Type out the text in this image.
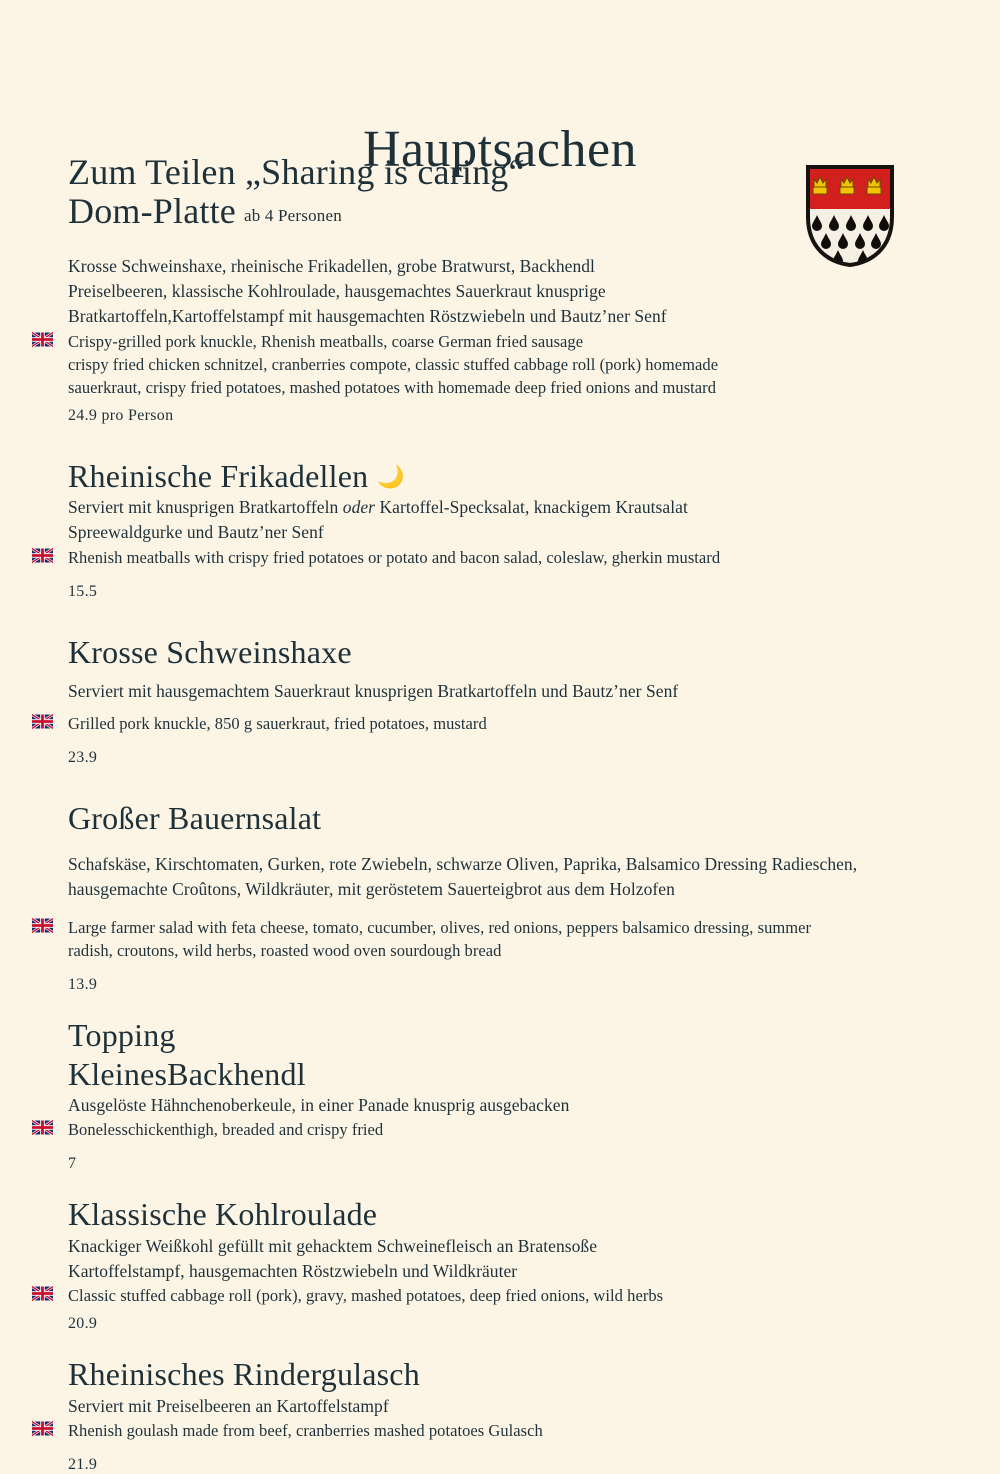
Hauptsachen
Zum Teilen „Sharing is caring“
Dom-Platte ab 4 Personen
Krosse Schweinshaxe, rheinische Frikadellen, grobe Bratwurst, Backhendl
Preiselbeeren, klassische Kohlroulade, hausgemachtes Sauerkraut knusprige
Bratkartoffeln,Kartoffelstampf mit hausgemachten Röstzwiebeln und Bautz’ner Senf
Crispy-grilled pork knuckle, Rhenish meatballs, coarse German fried sausage
crispy fried chicken schnitzel, cranberries compote, classic stuffed cabbage roll (pork) homemade
sauerkraut, crispy fried potatoes, mashed potatoes with homemade deep fried onions and mustard
24.9 pro Person
Rheinische Frikadellen 🌙
Serviert mit knusprigen Bratkartoffeln oder Kartoffel-Specksalat, knackigem Krautsalat
Spreewaldgurke und Bautz’ner Senf
Rhenish meatballs with crispy fried potatoes or potato and bacon salad, coleslaw, gherkin mustard
15.5
Krosse Schweinshaxe
Serviert mit hausgemachtem Sauerkraut knusprigen Bratkartoffeln und Bautz’ner Senf
Grilled pork knuckle, 850 g sauerkraut, fried potatoes, mustard
23.9
Großer Bauernsalat
Schafskäse, Kirschtomaten, Gurken, rote Zwiebeln, schwarze Oliven, Paprika, Balsamico Dressing Radieschen,
hausgemachte Croûtons, Wildkräuter, mit geröstetem Sauerteigbrot aus dem Holzofen
Large farmer salad with feta cheese, tomato, cucumber, olives, red onions, peppers balsamico dressing, summer
radish, croutons, wild herbs, roasted wood oven sourdough bread
13.9
Topping
KleinesBackhendl
Ausgelöste Hähnchenoberkeule, in einer Panade knusprig ausgebacken
Bonelesschickenthigh, breaded and crispy fried
7
Klassische Kohlroulade
Knackiger Weißkohl gefüllt mit gehacktem Schweinefleisch an Bratensoße
Kartoffelstampf, hausgemachten Röstzwiebeln und Wildkräuter
Classic stuffed cabbage roll (pork), gravy, mashed potatoes, deep fried onions, wild herbs
20.9
Rheinisches Rindergulasch
Serviert mit Preiselbeeren an Kartoffelstampf
Rhenish goulash made from beef, cranberries mashed potatoes Gulasch
21.9
